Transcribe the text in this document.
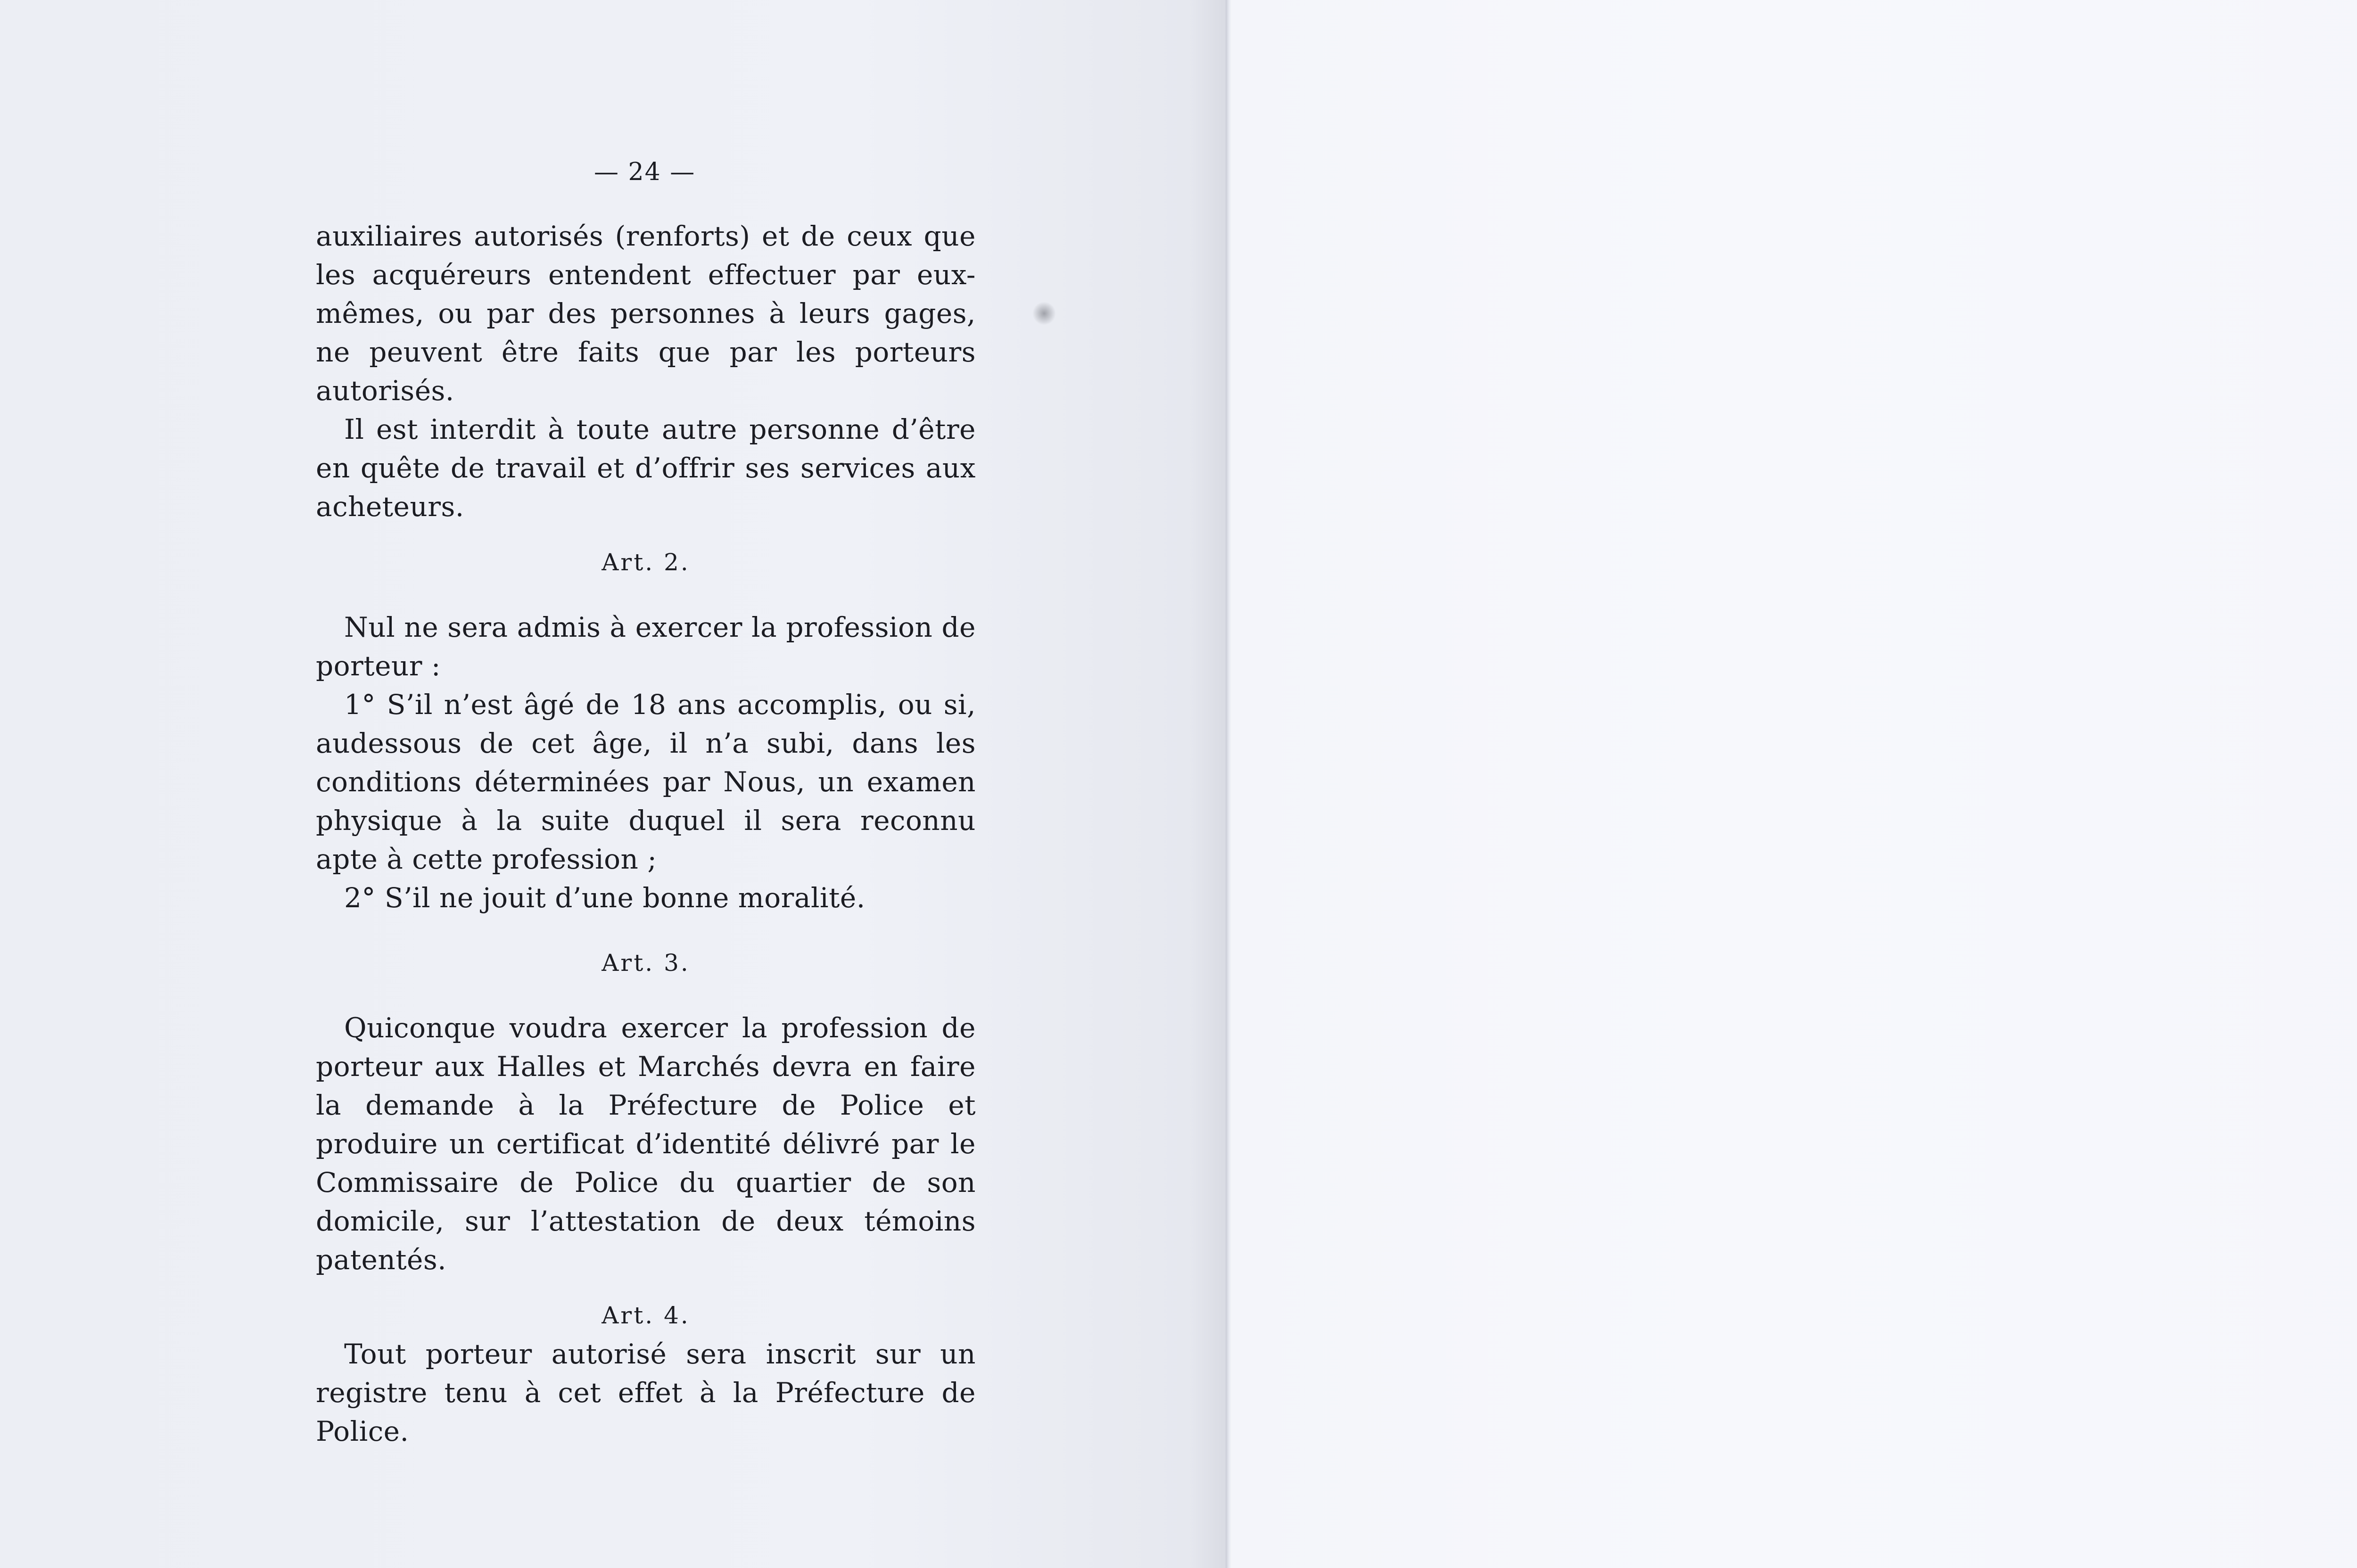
— 24 —

auxiliaires autorisés (renforts) et de ceux que les acquéreurs entendent effectuer par eux-mêmes, ou par des personnes à leurs gages, ne peuvent être faits que par les porteurs autorisés.

Il est interdit à toute autre personne d’être en quête de travail et d’offrir ses services aux acheteurs.

Art. 2.

Nul ne sera admis à exercer la profession de porteur :

1° S’il n’est âgé de 18 ans accomplis, ou si, audessous de cet âge, il n’a subi, dans les conditions déterminées par Nous, un examen physique à la suite duquel il sera reconnu apte à cette profession ;

2° S’il ne jouit d’une bonne moralité.

Art. 3.

Quiconque voudra exercer la profession de porteur aux Halles et Marchés devra en faire la demande à la Préfecture de Police et produire un certificat d’identité délivré par le Commissaire de Police du quartier de son domicile, sur l’attestation de deux témoins patentés.

Art. 4.

Tout porteur autorisé sera inscrit sur un registre tenu à cet effet à la Préfecture de Police.
